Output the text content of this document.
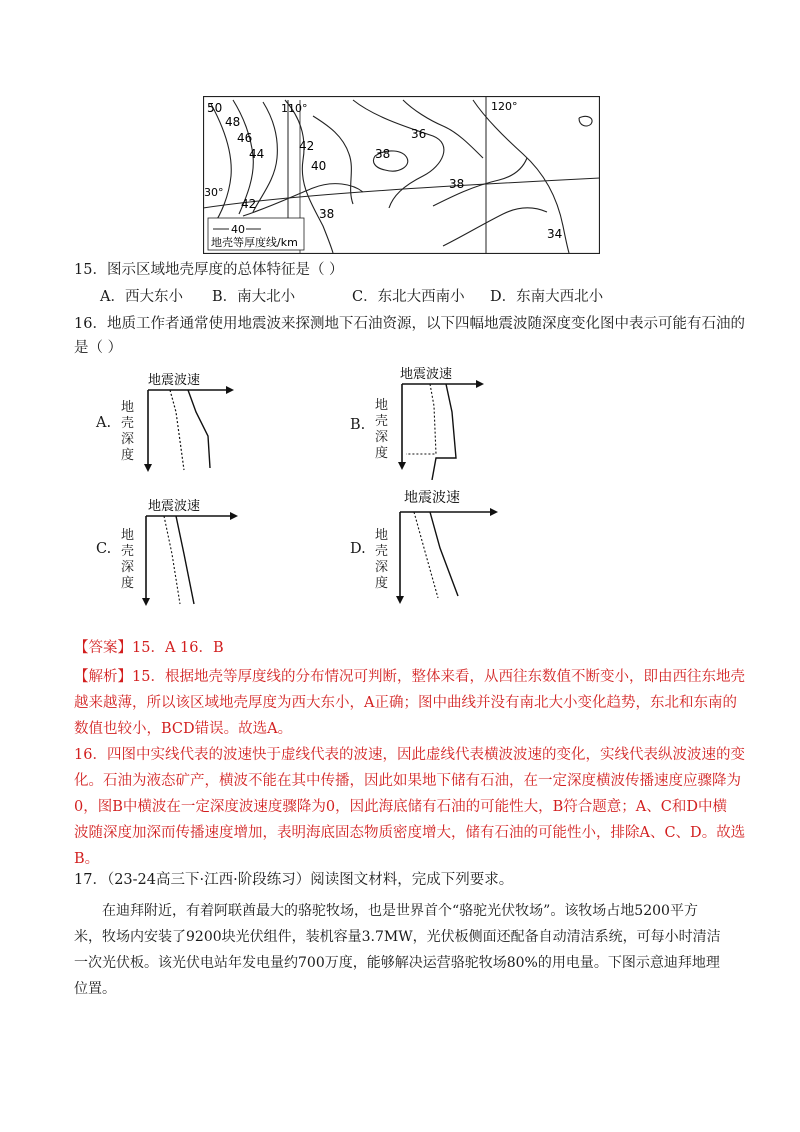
50
48
46
44
42
40
38
36
38
42
38
34
110°	120°
30°
40
地壳等厚度线/km
15．图示区域地壳厚度的总体特征是（ ）
A．西大东小 B．南大北小	C．东北大西南小 D．东南大西北小
16．地质工作者通常使用地震波来探测地下石油资源，以下四幅地震波随深度变化图中表示可能有石油的
是（ ）
A.
地震波速
地壳深度
B.
地震波速
地壳深度
C.
地震波速
地壳深度
D.
地震波速
地壳深度
【答案】15．A 16．B
【解析】15．根据地壳等厚度线的分布情况可判断，整体来看，从西往东数值不断变小，即由西往东地壳
越来越薄，所以该区域地壳厚度为西大东小，A正确；图中曲线并没有南北大小变化趋势，东北和东南的
数值也较小，BCD错误。故选A。
16．四图中实线代表的波速快于虚线代表的波速，因此虚线代表横波波速的变化，实线代表纵波波速的变
化。石油为液态矿产，横波不能在其中传播，因此如果地下储有石油，在一定深度横波传播速度应骤降为
0，图B中横波在一定深度波速度骤降为0，因此海底储有石油的可能性大，B符合题意；A、C和D中横
波随深度加深而传播速度增加，表明海底固态物质密度增大，储有石油的可能性小，排除A、C、D。故选
B。
17．（23-24高三下·江西·阶段练习）阅读图文材料，完成下列要求。
在迪拜附近，有着阿联酋最大的骆驼牧场，也是世界首个“骆驼光伏牧场”。该牧场占地5200平方
米，牧场内安装了9200块光伏组件，装机容量3.7MW，光伏板侧面还配备自动清洁系统，可每小时清洁
一次光伏板。该光伏电站年发电量约700万度，能够解决运营骆驼牧场80%的用电量。下图示意迪拜地理
位置。
